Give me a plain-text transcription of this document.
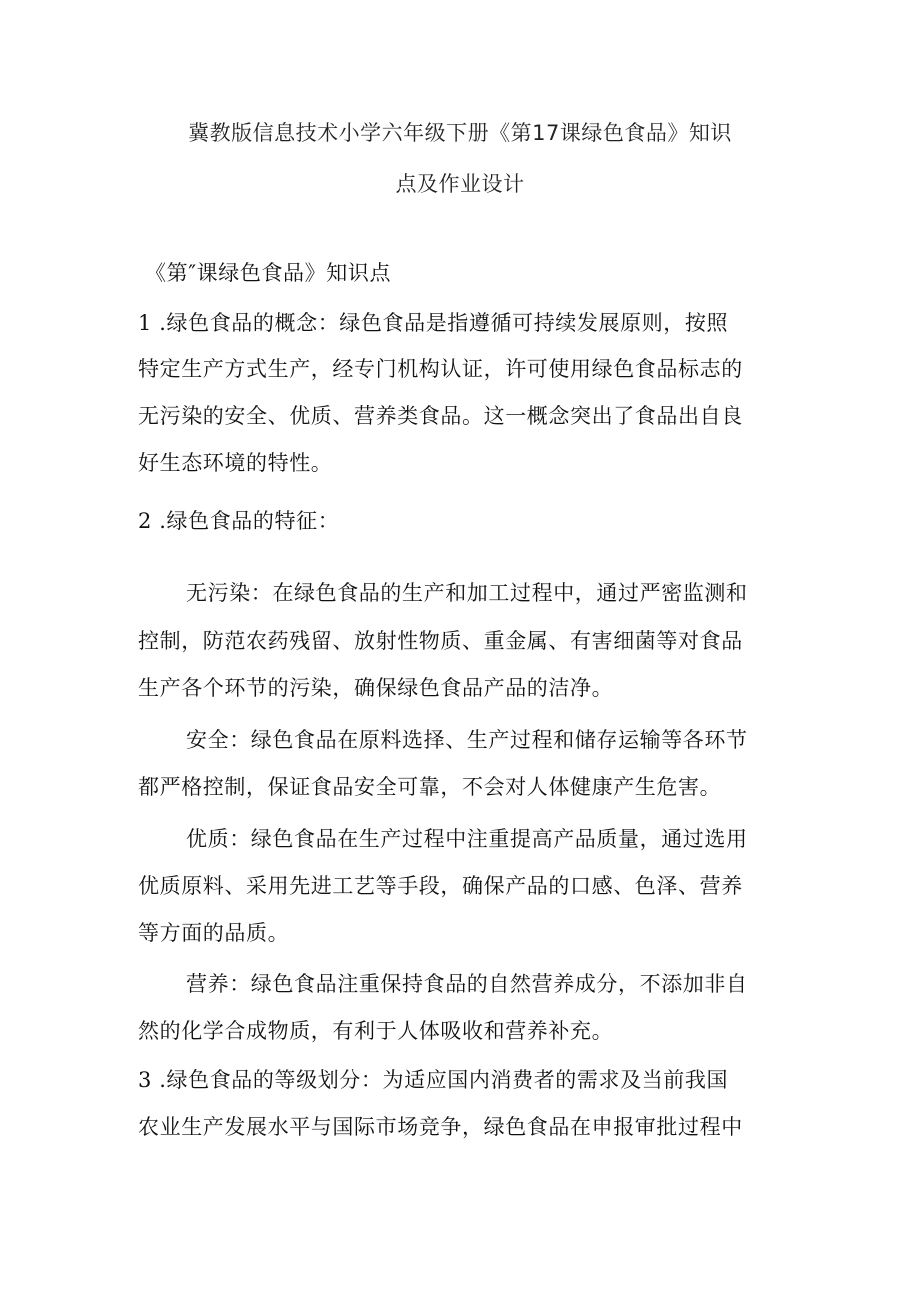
冀教版信息技术小学六年级下册《第17课绿色食品》知识
点及作业设计
《第″课绿色食品》知识点
1 .绿色食品的概念：绿色食品是指遵循可持续发展原则，按照
特定生产方式生产，经专门机构认证，许可使用绿色食品标志的
无污染的安全、优质、营养类食品。这一概念突出了食品出自良
好生态环境的特性。
2 .绿色食品的特征：
无污染：在绿色食品的生产和加工过程中，通过严密监测和
控制，防范农药残留、放射性物质、重金属、有害细菌等对食品
生产各个环节的污染，确保绿色食品产品的洁净。
安全：绿色食品在原料选择、生产过程和储存运输等各环节
都严格控制，保证食品安全可靠，不会对人体健康产生危害。
优质：绿色食品在生产过程中注重提高产品质量，通过选用
优质原料、采用先进工艺等手段，确保产品的口感、色泽、营养
等方面的品质。
营养：绿色食品注重保持食品的自然营养成分，不添加非自
然的化学合成物质，有利于人体吸收和营养补充。
3 .绿色食品的等级划分：为适应国内消费者的需求及当前我国
农业生产发展水平与国际市场竞争，绿色食品在申报审批过程中
